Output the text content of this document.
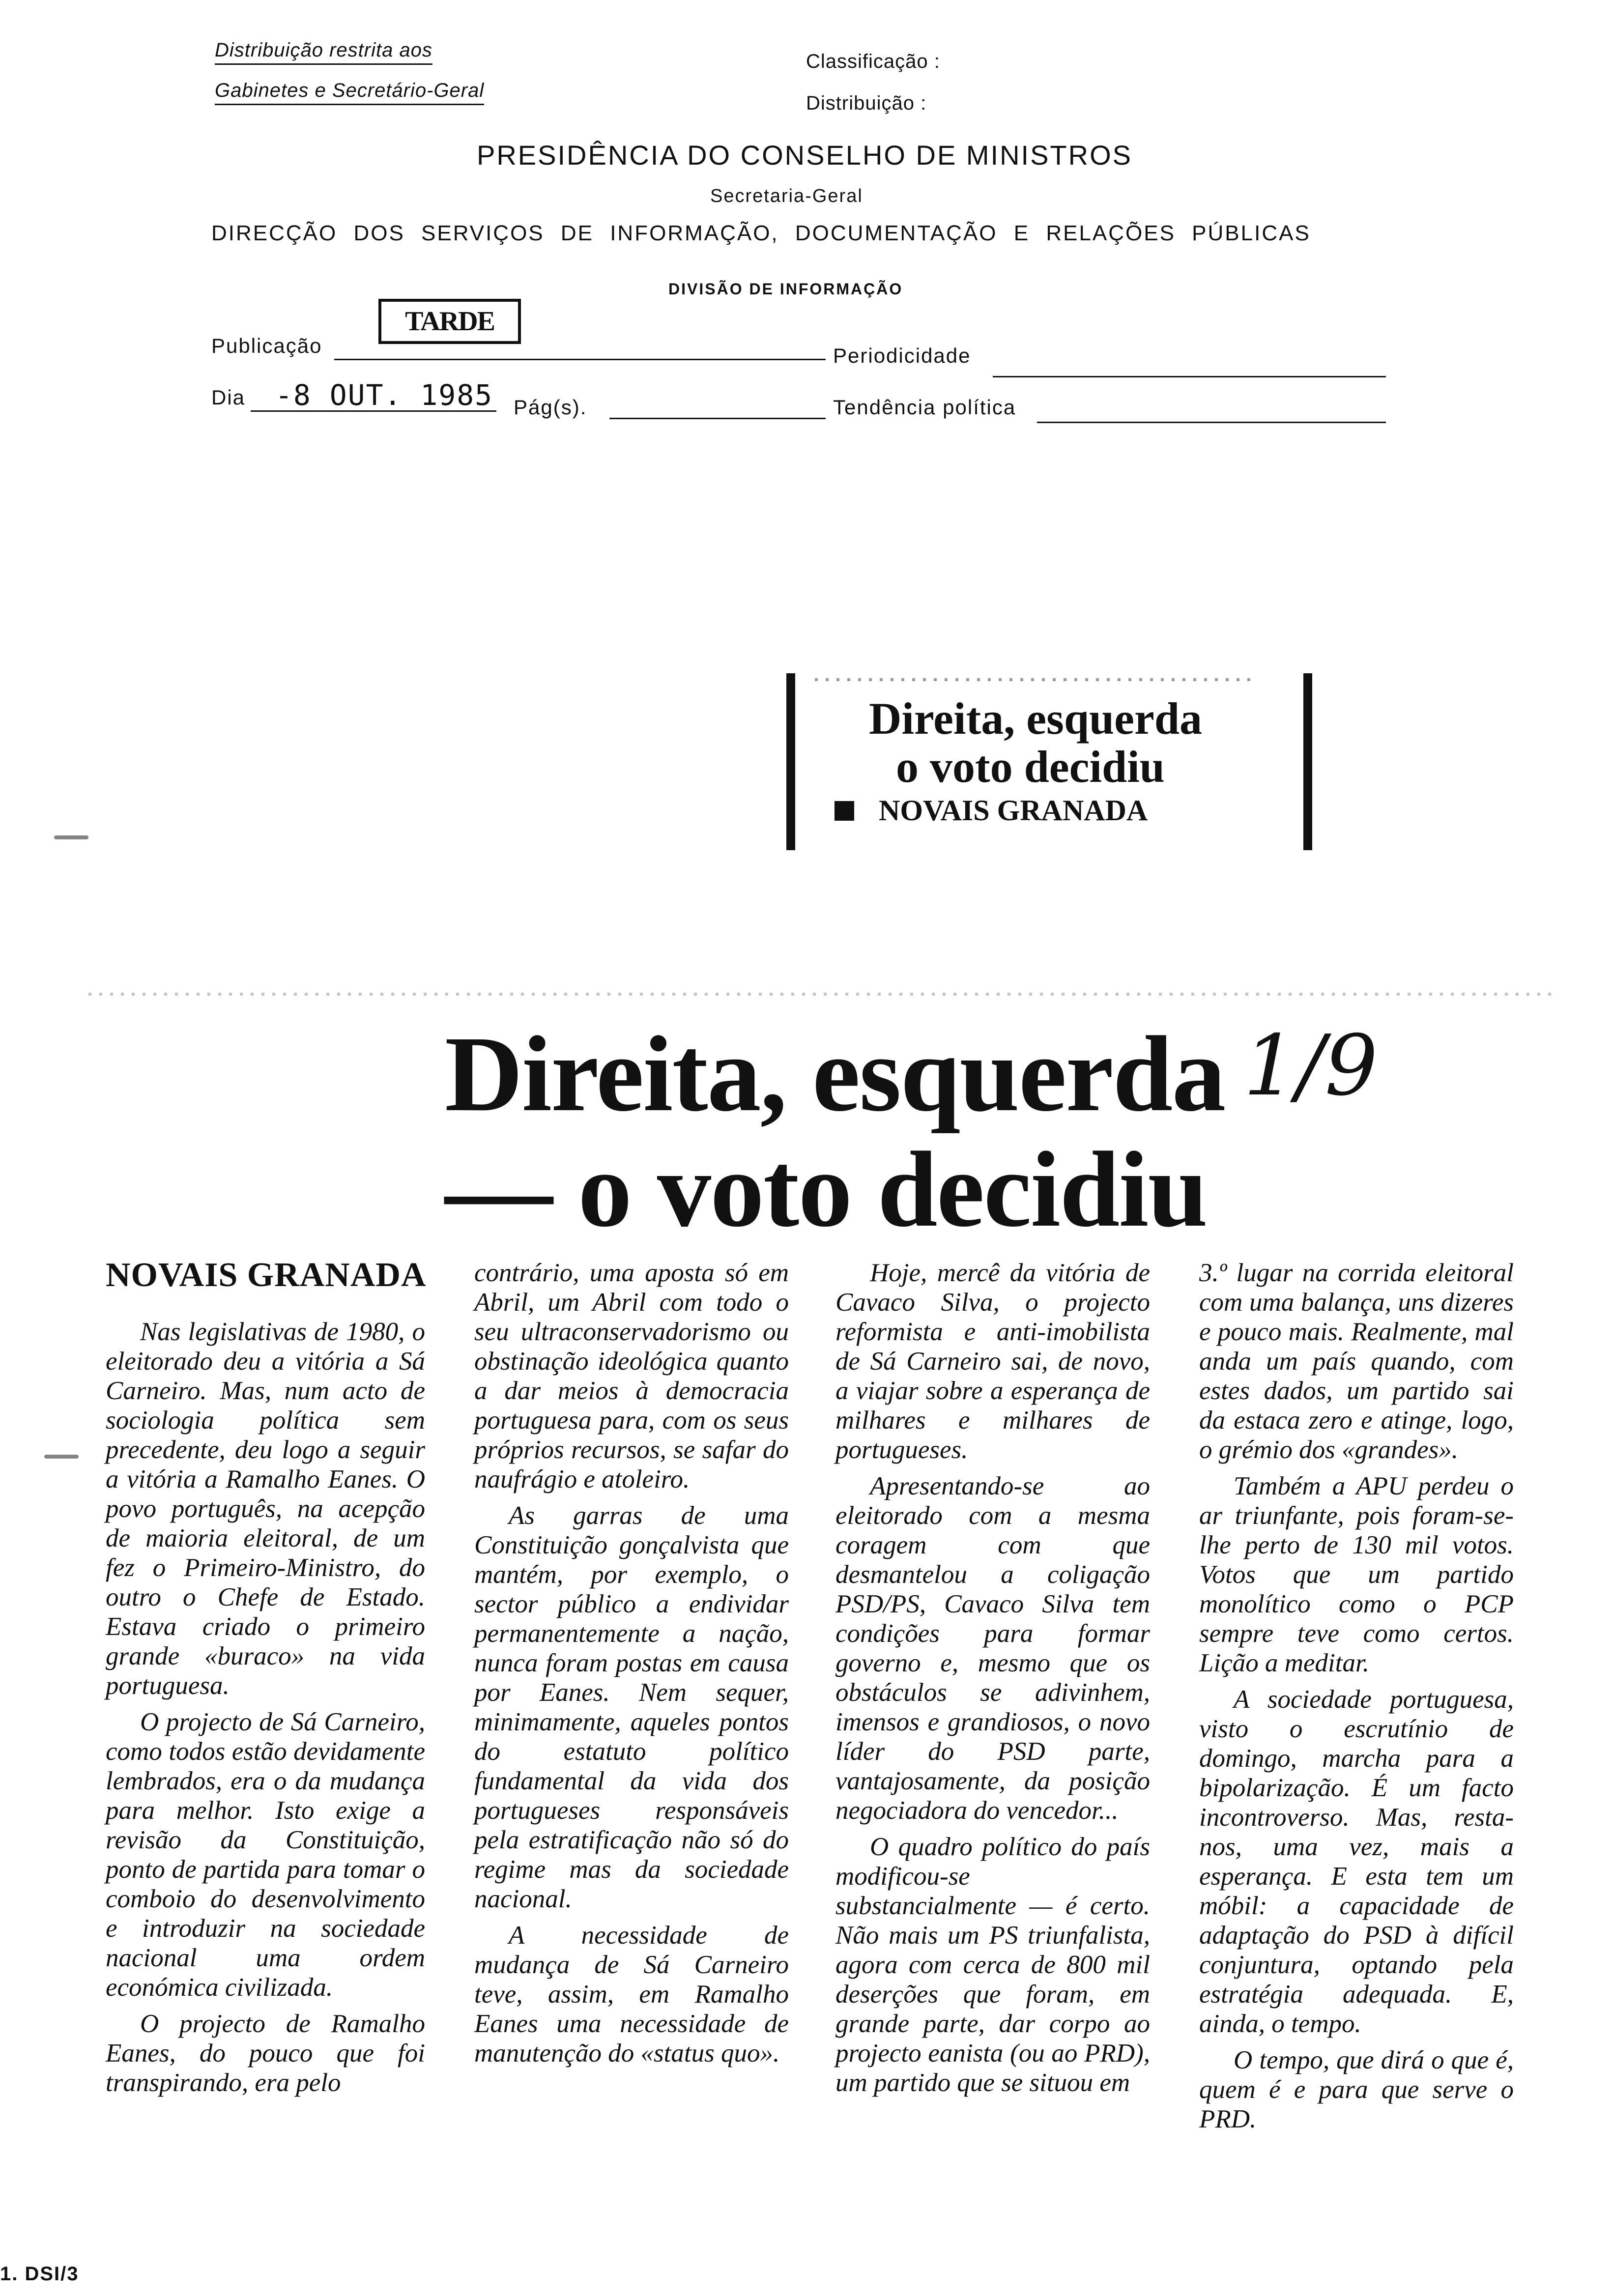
Distribuição restrita aos
Gabinetes e Secretário-Geral
Classificação :
Distribuição :
PRESIDÊNCIA DO CONSELHO DE MINISTROS
Secretaria-Geral
DIRECÇÃO DOS SERVIÇOS DE INFORMAÇÃO, DOCUMENTAÇÃO E RELAÇÕES PÚBLICAS
DIVISÃO DE INFORMAÇÃO
Publicação
TARDE
Periodicidade
Dia -8 OUT. 1985 Pág(s).	Tendência política
Direita, esquerda
o voto decidiu
NOVAIS GRANADA
Direita, esquerda
— o voto decidiu
1/9
NOVAIS GRANADA

Nas legislativas de 1980, o eleitorado deu a vitória a Sá Carneiro. Mas, num acto de sociologia política sem precedente, deu logo a seguir a vitória a Ramalho Eanes. O povo português, na acepção de maioria eleitoral, de um fez o Primeiro-Ministro, do outro o Chefe de Estado. Estava criado o primeiro grande «buraco» na vida portuguesa.

O projecto de Sá Carneiro, como todos estão devidamente lembrados, era o da mudança para melhor. Isto exige a revisão da Constituição, ponto de partida para tomar o comboio do desenvolvimento e introduzir na sociedade nacional uma ordem económica civilizada.

O projecto de Ramalho Eanes, do pouco que foi transpirando, era pelo

contrário, uma aposta só em Abril, um Abril com todo o seu ultraconservadorismo ou obstinação ideológica quanto a dar meios à democracia portuguesa para, com os seus próprios recursos, se safar do naufrágio e atoleiro.

As garras de uma Constituição gonçalvista que mantém, por exemplo, o sector público a endividar permanentemente a nação, nunca foram postas em causa por Eanes. Nem sequer, minimamente, aqueles pontos do estatuto político fundamental da vida dos portugueses responsáveis pela estratificação não só do regime mas da sociedade nacional.

A necessidade de mudança de Sá Carneiro teve, assim, em Ramalho Eanes uma necessidade de manutenção do «status quo».

Hoje, mercê da vitória de Cavaco Silva, o projecto reformista e anti-imobilista de Sá Carneiro sai, de novo, a viajar sobre a esperança de milhares e milhares de portugueses.

Apresentando-se ao eleitorado com a mesma coragem com que desmantelou a coligação PSD/PS, Cavaco Silva tem condições para formar governo e, mesmo que os obstáculos se adivinhem, imensos e grandiosos, o novo líder do PSD parte, vantajosamente, da posição negociadora do vencedor...

O quadro político do país modificou-se substancialmente — é certo. Não mais um PS triunfalista, agora com cerca de 800 mil deserções que foram, em grande parte, dar corpo ao projecto eanista (ou ao PRD), um partido que se situou em

3.º lugar na corrida eleitoral com uma balança, uns dizeres e pouco mais. Realmente, mal anda um país quando, com estes dados, um partido sai da estaca zero e atinge, logo, o grémio dos «grandes».

Também a APU perdeu o ar triunfante, pois foram-se-lhe perto de 130 mil votos. Votos que um partido monolítico como o PCP sempre teve como certos. Lição a meditar.

A sociedade portuguesa, visto o escrutínio de domingo, marcha para a bipolarização. É um facto incontroverso. Mas, resta-nos, uma vez, mais a esperança. E esta tem um móbil: a capacidade de adaptação do PSD à difícil conjuntura, optando pela estratégia adequada. E, ainda, o tempo.

O tempo, que dirá o que é, quem é e para que serve o PRD.

1. DSI/3
